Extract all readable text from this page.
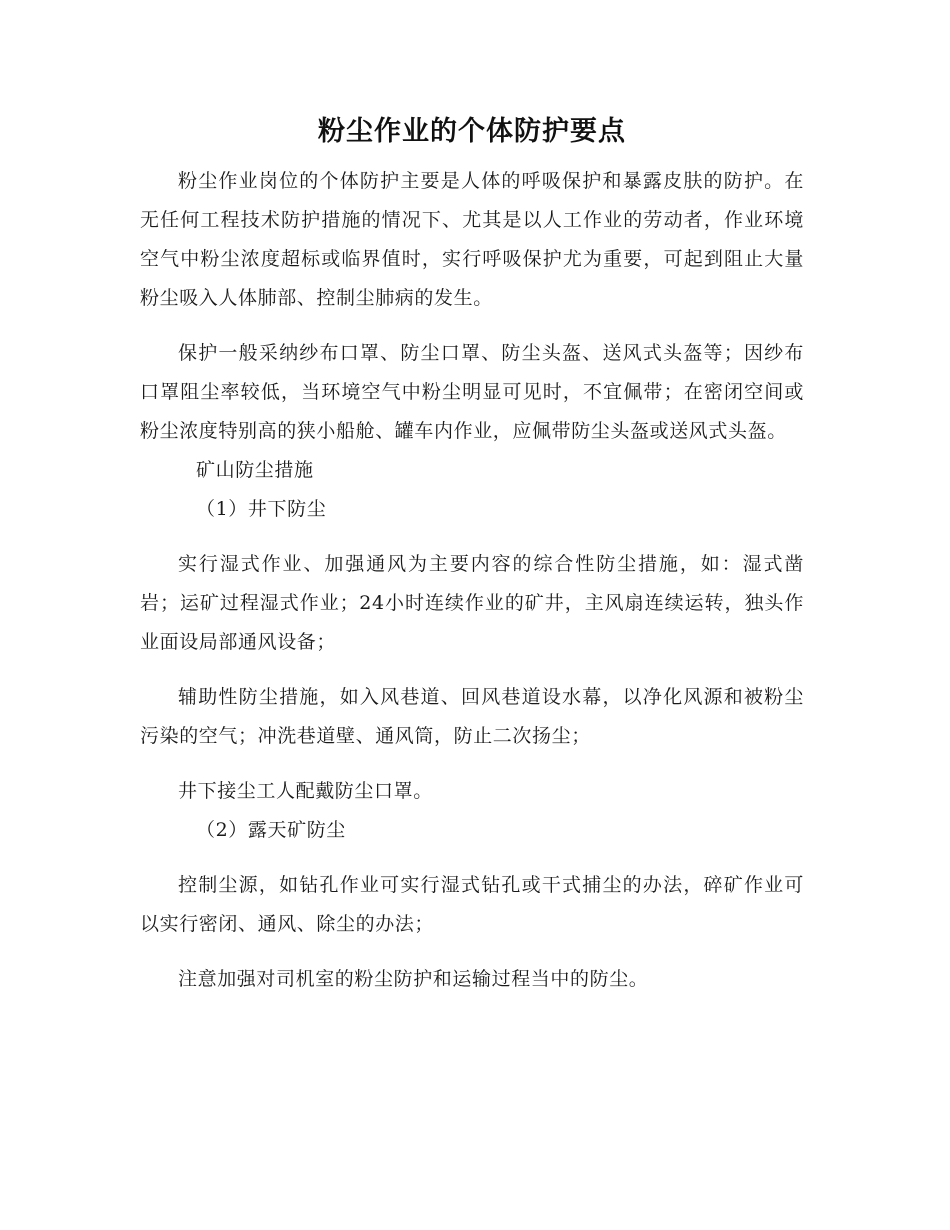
粉尘作业的个体防护要点

粉尘作业岗位的个体防护主要是人体的呼吸保护和暴露皮肤的防护。在无任何工程技术防护措施的情况下、尤其是以人工作业的劳动者，作业环境空气中粉尘浓度超标或临界值时，实行呼吸保护尤为重要，可起到阻止大量粉尘吸入人体肺部、控制尘肺病的发生。

保护一般采纳纱布口罩、防尘口罩、防尘头盔、送风式头盔等；因纱布口罩阻尘率较低，当环境空气中粉尘明显可见时，不宜佩带；在密闭空间或粉尘浓度特别高的狭小船舱、罐车内作业，应佩带防尘头盔或送风式头盔。

矿山防尘措施

（1）井下防尘

实行湿式作业、加强通风为主要内容的综合性防尘措施，如：湿式凿岩；运矿过程湿式作业；24小时连续作业的矿井，主风扇连续运转，独头作业面设局部通风设备；

辅助性防尘措施，如入风巷道、回风巷道设水幕，以净化风源和被粉尘污染的空气；冲洗巷道壁、通风筒，防止二次扬尘；

井下接尘工人配戴防尘口罩。

（2）露天矿防尘

控制尘源，如钻孔作业可实行湿式钻孔或干式捕尘的办法，碎矿作业可以实行密闭、通风、除尘的办法；

注意加强对司机室的粉尘防护和运输过程当中的防尘。
